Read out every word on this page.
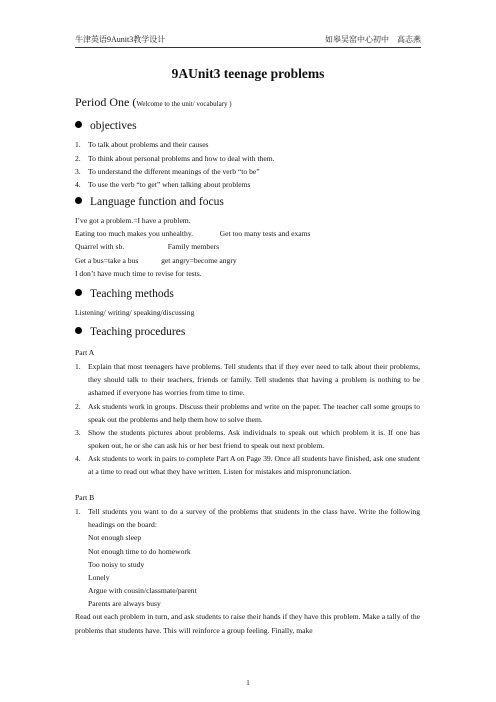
牛津英语9Aunit3教学设计	如皋吴窑中心初中　高志燕
9AUnit3 teenage problems
Period One (Welcome to the unit/ vocabulary )
objectives
1. To talk about problems and their causes
2. To think about personal problems and how to deal with them.
3. To understand the different meanings of the verb “to be”
4. To use the verb “to get” when talking about problems
Language function and focus
I’ve got a problem.=I have a problem.
Eating too much makes you unhealthy.              Get too many tests and exams
Quarrel with sb.                       Family members
Get a bus=take a bus            get angry=become angry
I don’t have much time to revise for tests.
Teaching methods
Listening/ writing/ speaking/discussing
Teaching procedures
Part A
1. Explain that most teenagers have problems. Tell students that if they ever need to talk about their problems, they should talk to their teachers, friends or family. Tell students that having a problem is nothing to be ashamed if everyone has worries from time to time.
2. Ask students work in groups. Discuss their problems and write on the paper. The teacher call some groups to speak out the problems and help them how to solve them.
3. Show the students pictures about problems. Ask individuals to speak out which problem it is. If one has spoken out, he or she can ask his or her best friend to speak out next problem.
4. Ask students to work in pairs to complete Part A on Page 39. Once all students have finished, ask one student at a time to read out what they have written. Listen for mistakes and mispronunciation.
Part B
1. Tell students you want to do a survey of the problems that students in the class have. Write the following headings on the board:
Not enough sleep
Not enough time to do homework
Too noisy to study
Lonely
Argue with cousin/classmate/parent
Parents are always busy
Read out each problem in turn, and ask students to raise their hands if they have this problem. Make a tally of the problems that students have. This will reinforce a group feeling. Finally, make
1
